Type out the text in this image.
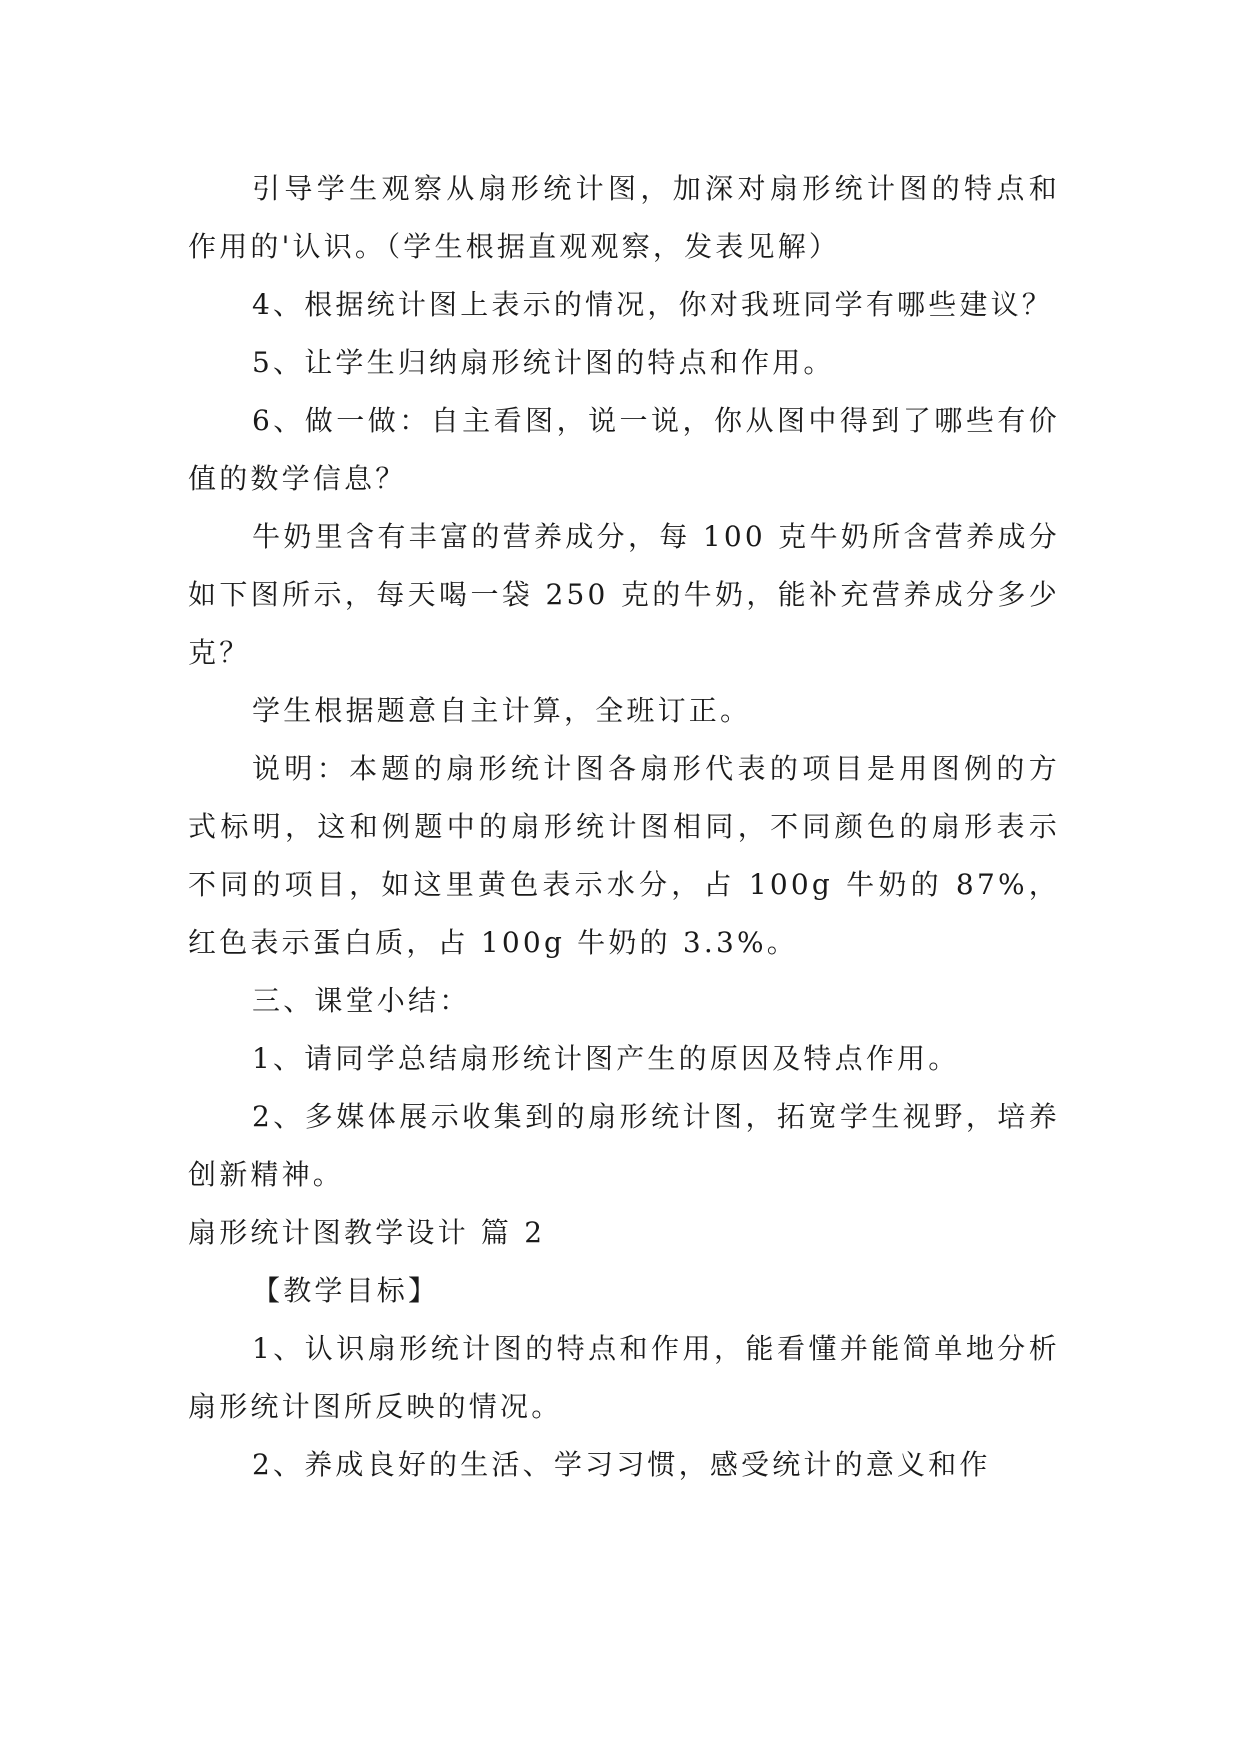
引导学生观察从扇形统计图，加深对扇形统计图的特点和作用的'认识。（学生根据直观观察，发表见解）

4、根据统计图上表示的情况，你对我班同学有哪些建议？

5、让学生归纳扇形统计图的特点和作用。

6、做一做：自主看图，说一说，你从图中得到了哪些有价值的数学信息？

牛奶里含有丰富的营养成分，每 100 克牛奶所含营养成分如下图所示，每天喝一袋 250 克的牛奶，能补充营养成分多少克？

学生根据题意自主计算，全班订正。

说明：本题的扇形统计图各扇形代表的项目是用图例的方式标明，这和例题中的扇形统计图相同，不同颜色的扇形表示不同的项目，如这里黄色表示水分，占 100g 牛奶的 87%，红色表示蛋白质，占 100g 牛奶的 3.3%。

三、课堂小结：

1、请同学总结扇形统计图产生的原因及特点作用。

2、多媒体展示收集到的扇形统计图，拓宽学生视野，培养创新精神。

扇形统计图教学设计 篇 2

【教学目标】

1、认识扇形统计图的特点和作用，能看懂并能简单地分析扇形统计图所反映的情况。

2、养成良好的生活、学习习惯，感受统计的意义和作
